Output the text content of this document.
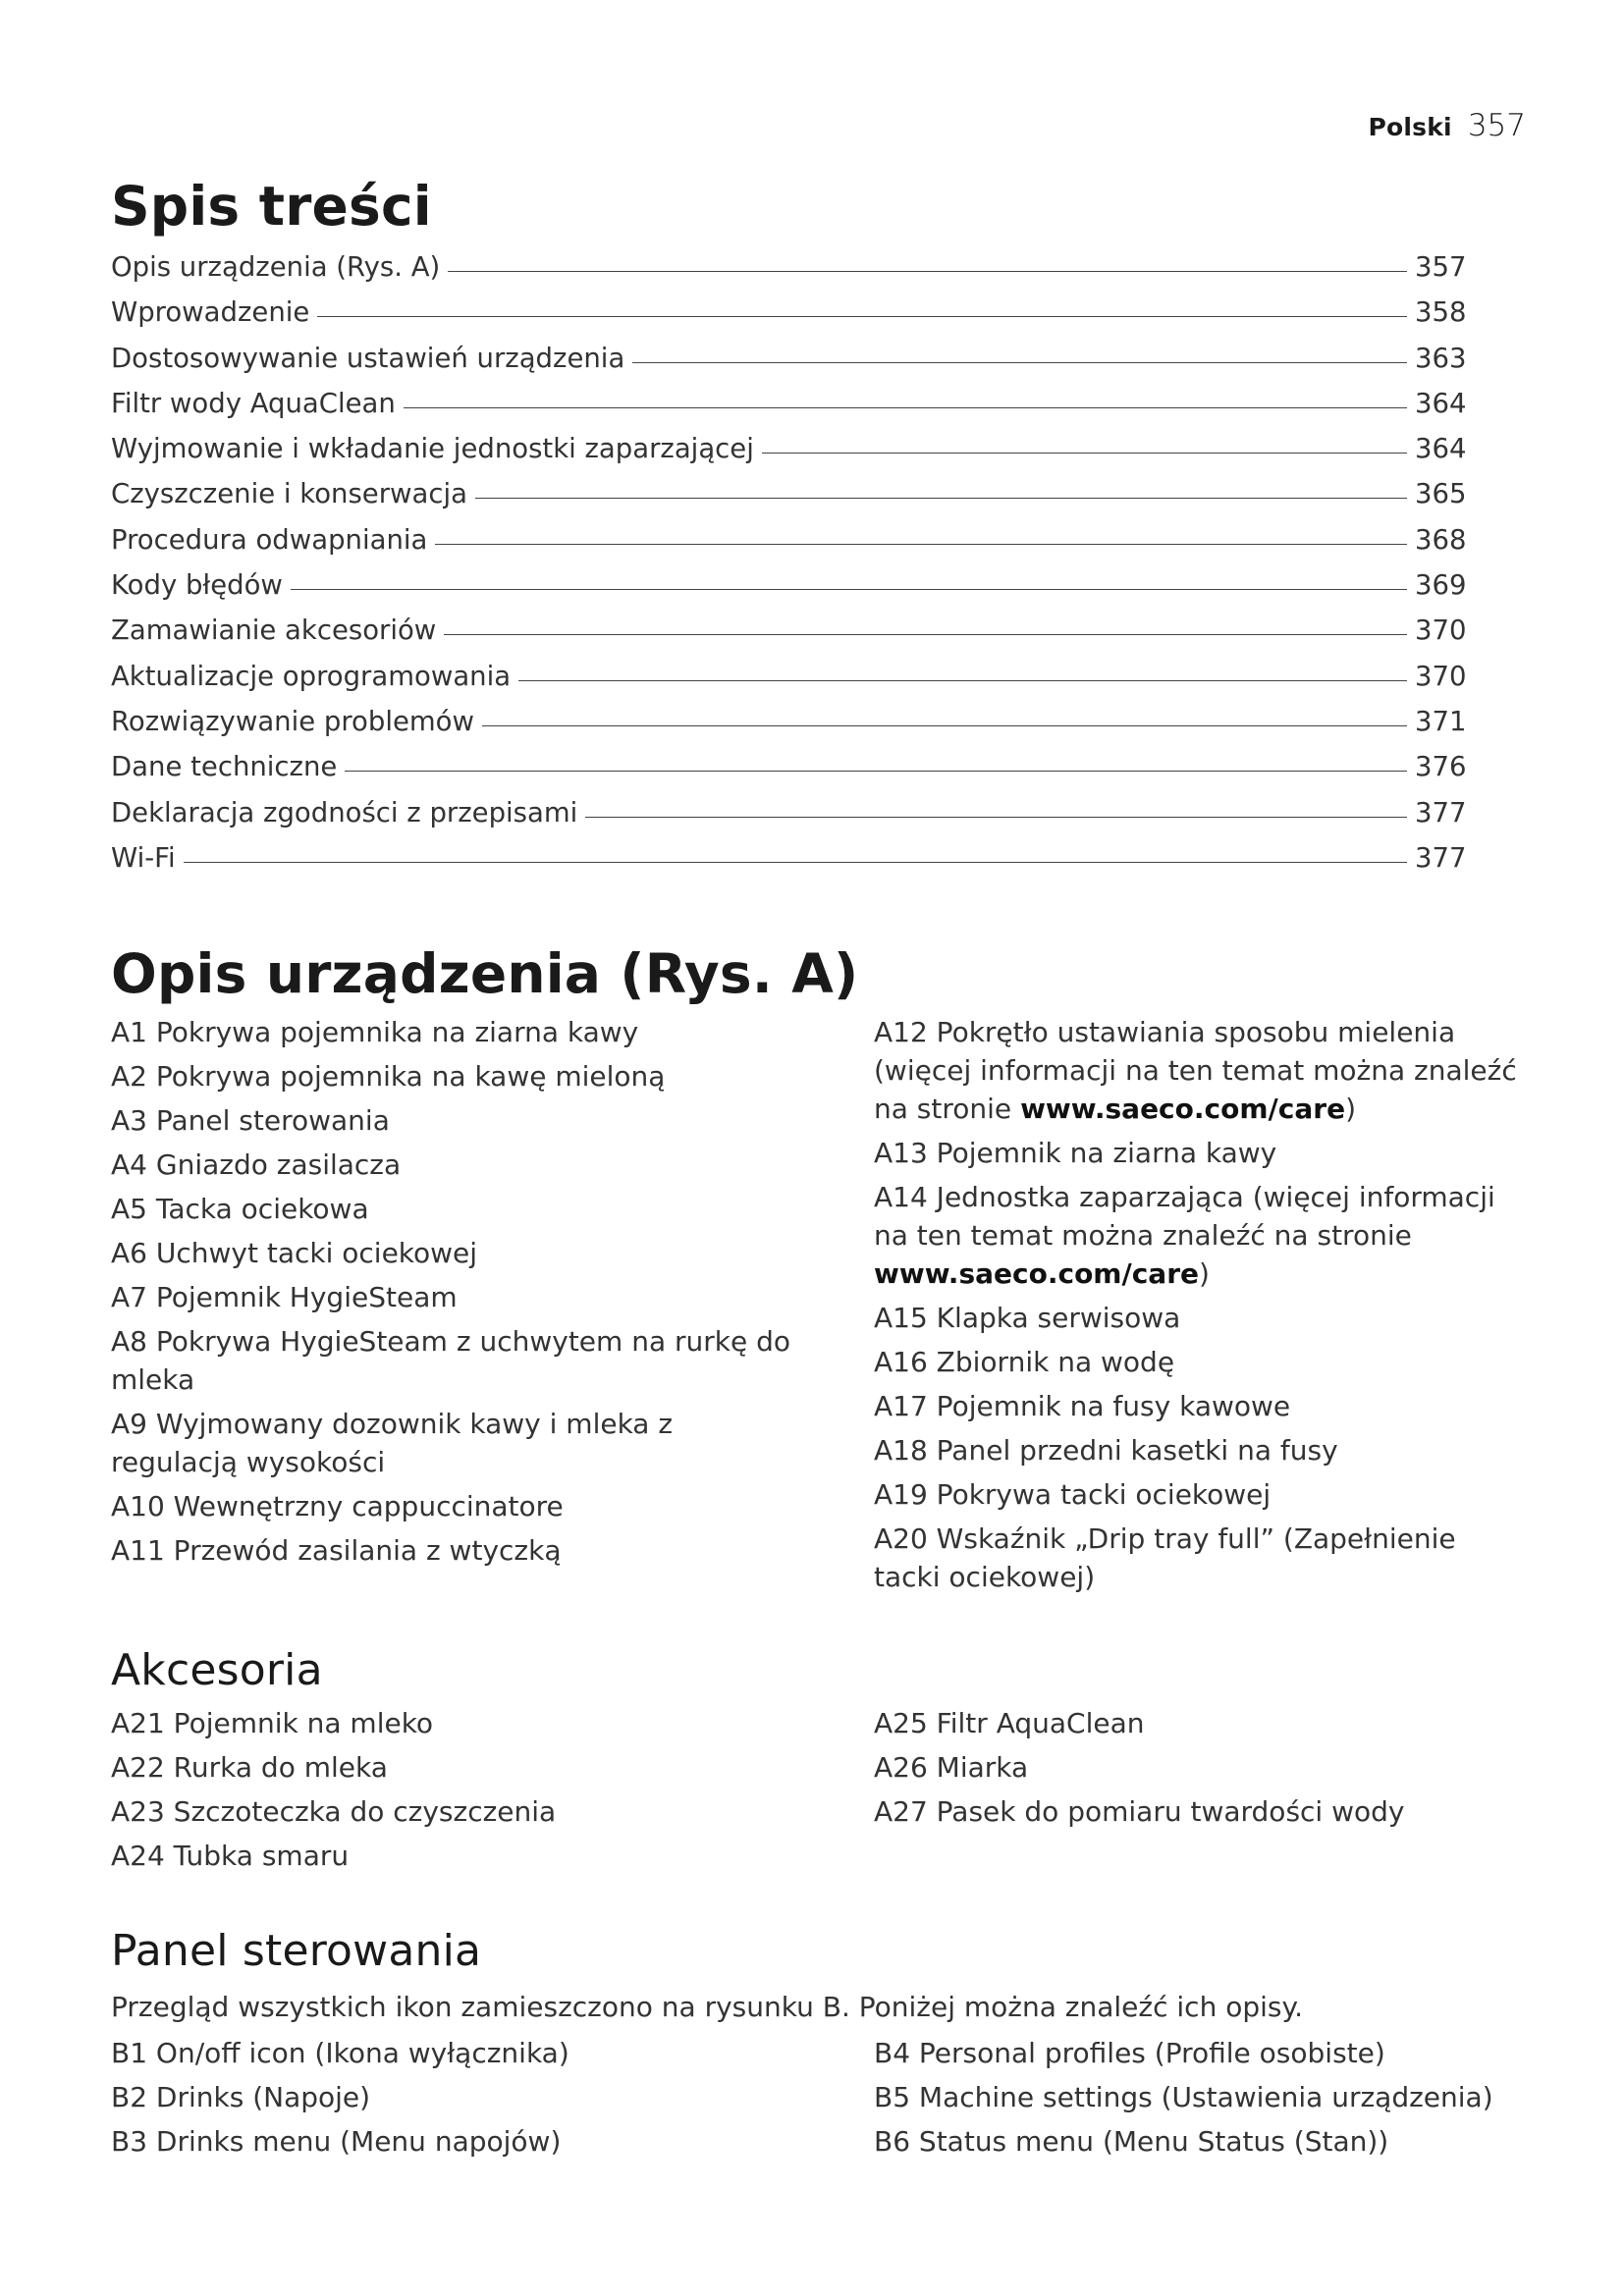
Polski 357
Spis treści
Opis urządzenia (Rys. A)	357
Wprowadzenie	358
Dostosowywanie ustawień urządzenia	363
Filtr wody AquaClean	364
Wyjmowanie i wkładanie jednostki zaparzającej	364
Czyszczenie i konserwacja	365
Procedura odwapniania	368
Kody błędów	369
Zamawianie akcesoriów	370
Aktualizacje oprogramowania	370
Rozwiązywanie problemów	371
Dane techniczne	376
Deklaracja zgodności z przepisami	377
Wi-Fi	377
Opis urządzenia (Rys. A)
A1 Pokrywa pojemnika na ziarna kawy
A2 Pokrywa pojemnika na kawę mieloną
A3 Panel sterowania
A4 Gniazdo zasilacza
A5 Tacka ociekowa
A6 Uchwyt tacki ociekowej
A7 Pojemnik HygieSteam
A8 Pokrywa HygieSteam z uchwytem na rurkę do mleka
A9 Wyjmowany dozownik kawy i mleka z regulacją wysokości
A10 Wewnętrzny cappuccinatore
A11 Przewód zasilania z wtyczką
A12 Pokrętło ustawiania sposobu mielenia (więcej informacji na ten temat można znaleźć na stronie www.saeco.com/care)
A13 Pojemnik na ziarna kawy
A14 Jednostka zaparzająca (więcej informacji na ten temat można znaleźć na stronie www.saeco.com/care)
A15 Klapka serwisowa
A16 Zbiornik na wodę
A17 Pojemnik na fusy kawowe
A18 Panel przedni kasetki na fusy
A19 Pokrywa tacki ociekowej
A20 Wskaźnik „Drip tray full” (Zapełnienie tacki ociekowej)
Akcesoria
A21 Pojemnik na mleko
A22 Rurka do mleka
A23 Szczoteczka do czyszczenia
A24 Tubka smaru
A25 Filtr AquaClean
A26 Miarka
A27 Pasek do pomiaru twardości wody
Panel sterowania
Przegląd wszystkich ikon zamieszczono na rysunku B. Poniżej można znaleźć ich opisy.
B1 On/off icon (Ikona wyłącznika)
B2 Drinks (Napoje)
B3 Drinks menu (Menu napojów)
B4 Personal profiles (Profile osobiste)
B5 Machine settings (Ustawienia urządzenia)
B6 Status menu (Menu Status (Stan))
